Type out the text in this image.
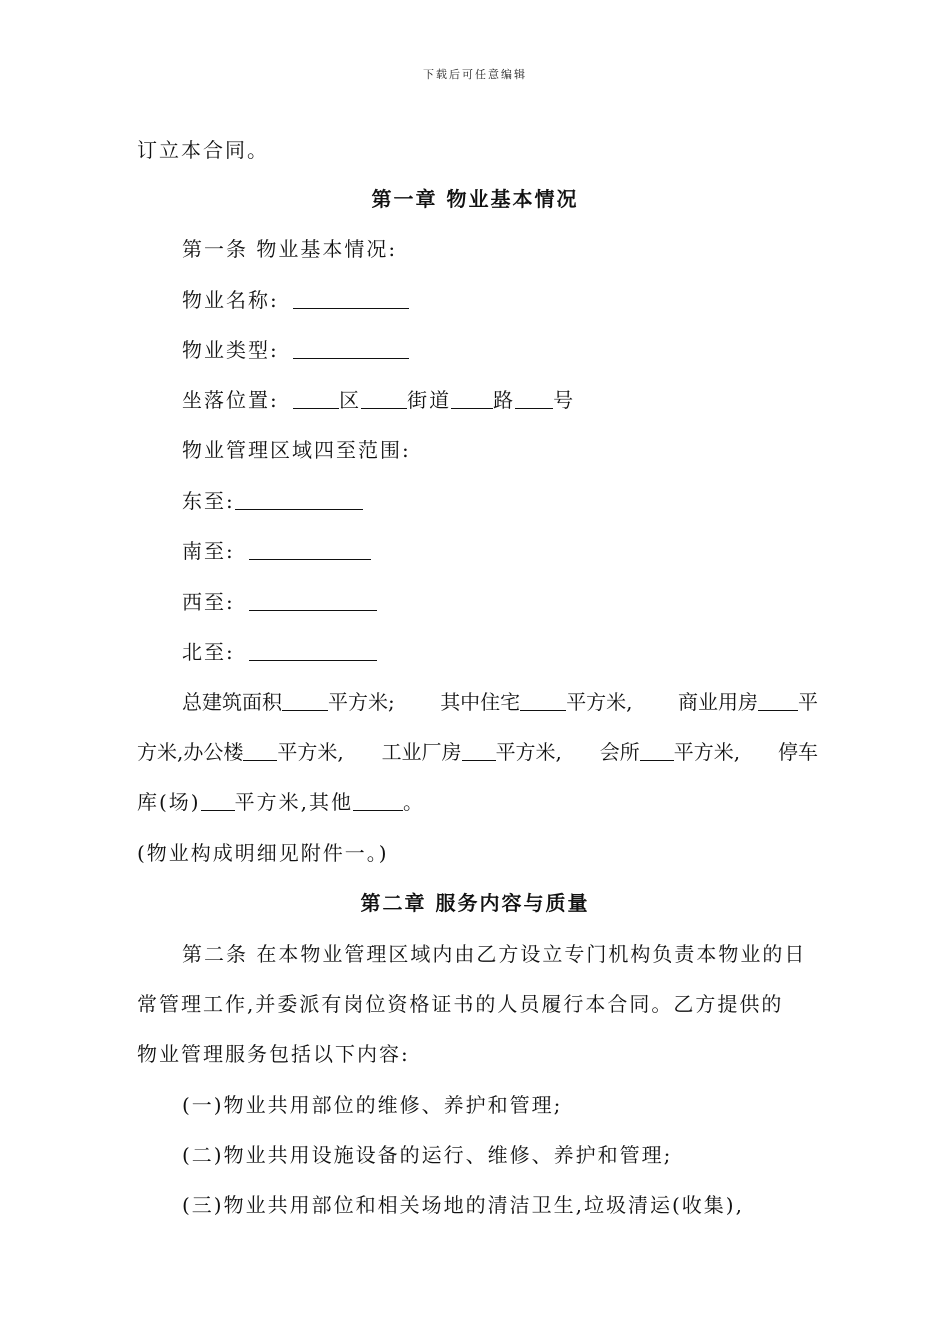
下载后可任意编辑
订立本合同。
第一章 物业基本情况
第一条 物业基本情况:
物业名称:
物业类型:
坐落位置:	区 街道 路 号
物业管理区域四至范围:
东至:
南至:
西至:
北至:
总建筑面积 平方米; 其中住宅 平方米, 商业用房 平
方米,办公楼 平方米, 工业厂房 平方米, 会所 平方米, 停车
库(场) 平方米,其他	。
(物业构成明细见附件一。)
第二章 服务内容与质量
第二条 在本物业管理区域内由乙方设立专门机构负责本物业的日
常管理工作,并委派有岗位资格证书的人员履行本合同。乙方提供的
物业管理服务包括以下内容:
(一)物业共用部位的维修、养护和管理;
(二)物业共用设施设备的运行、维修、养护和管理;
(三)物业共用部位和相关场地的清洁卫生,垃圾清运(收集),
